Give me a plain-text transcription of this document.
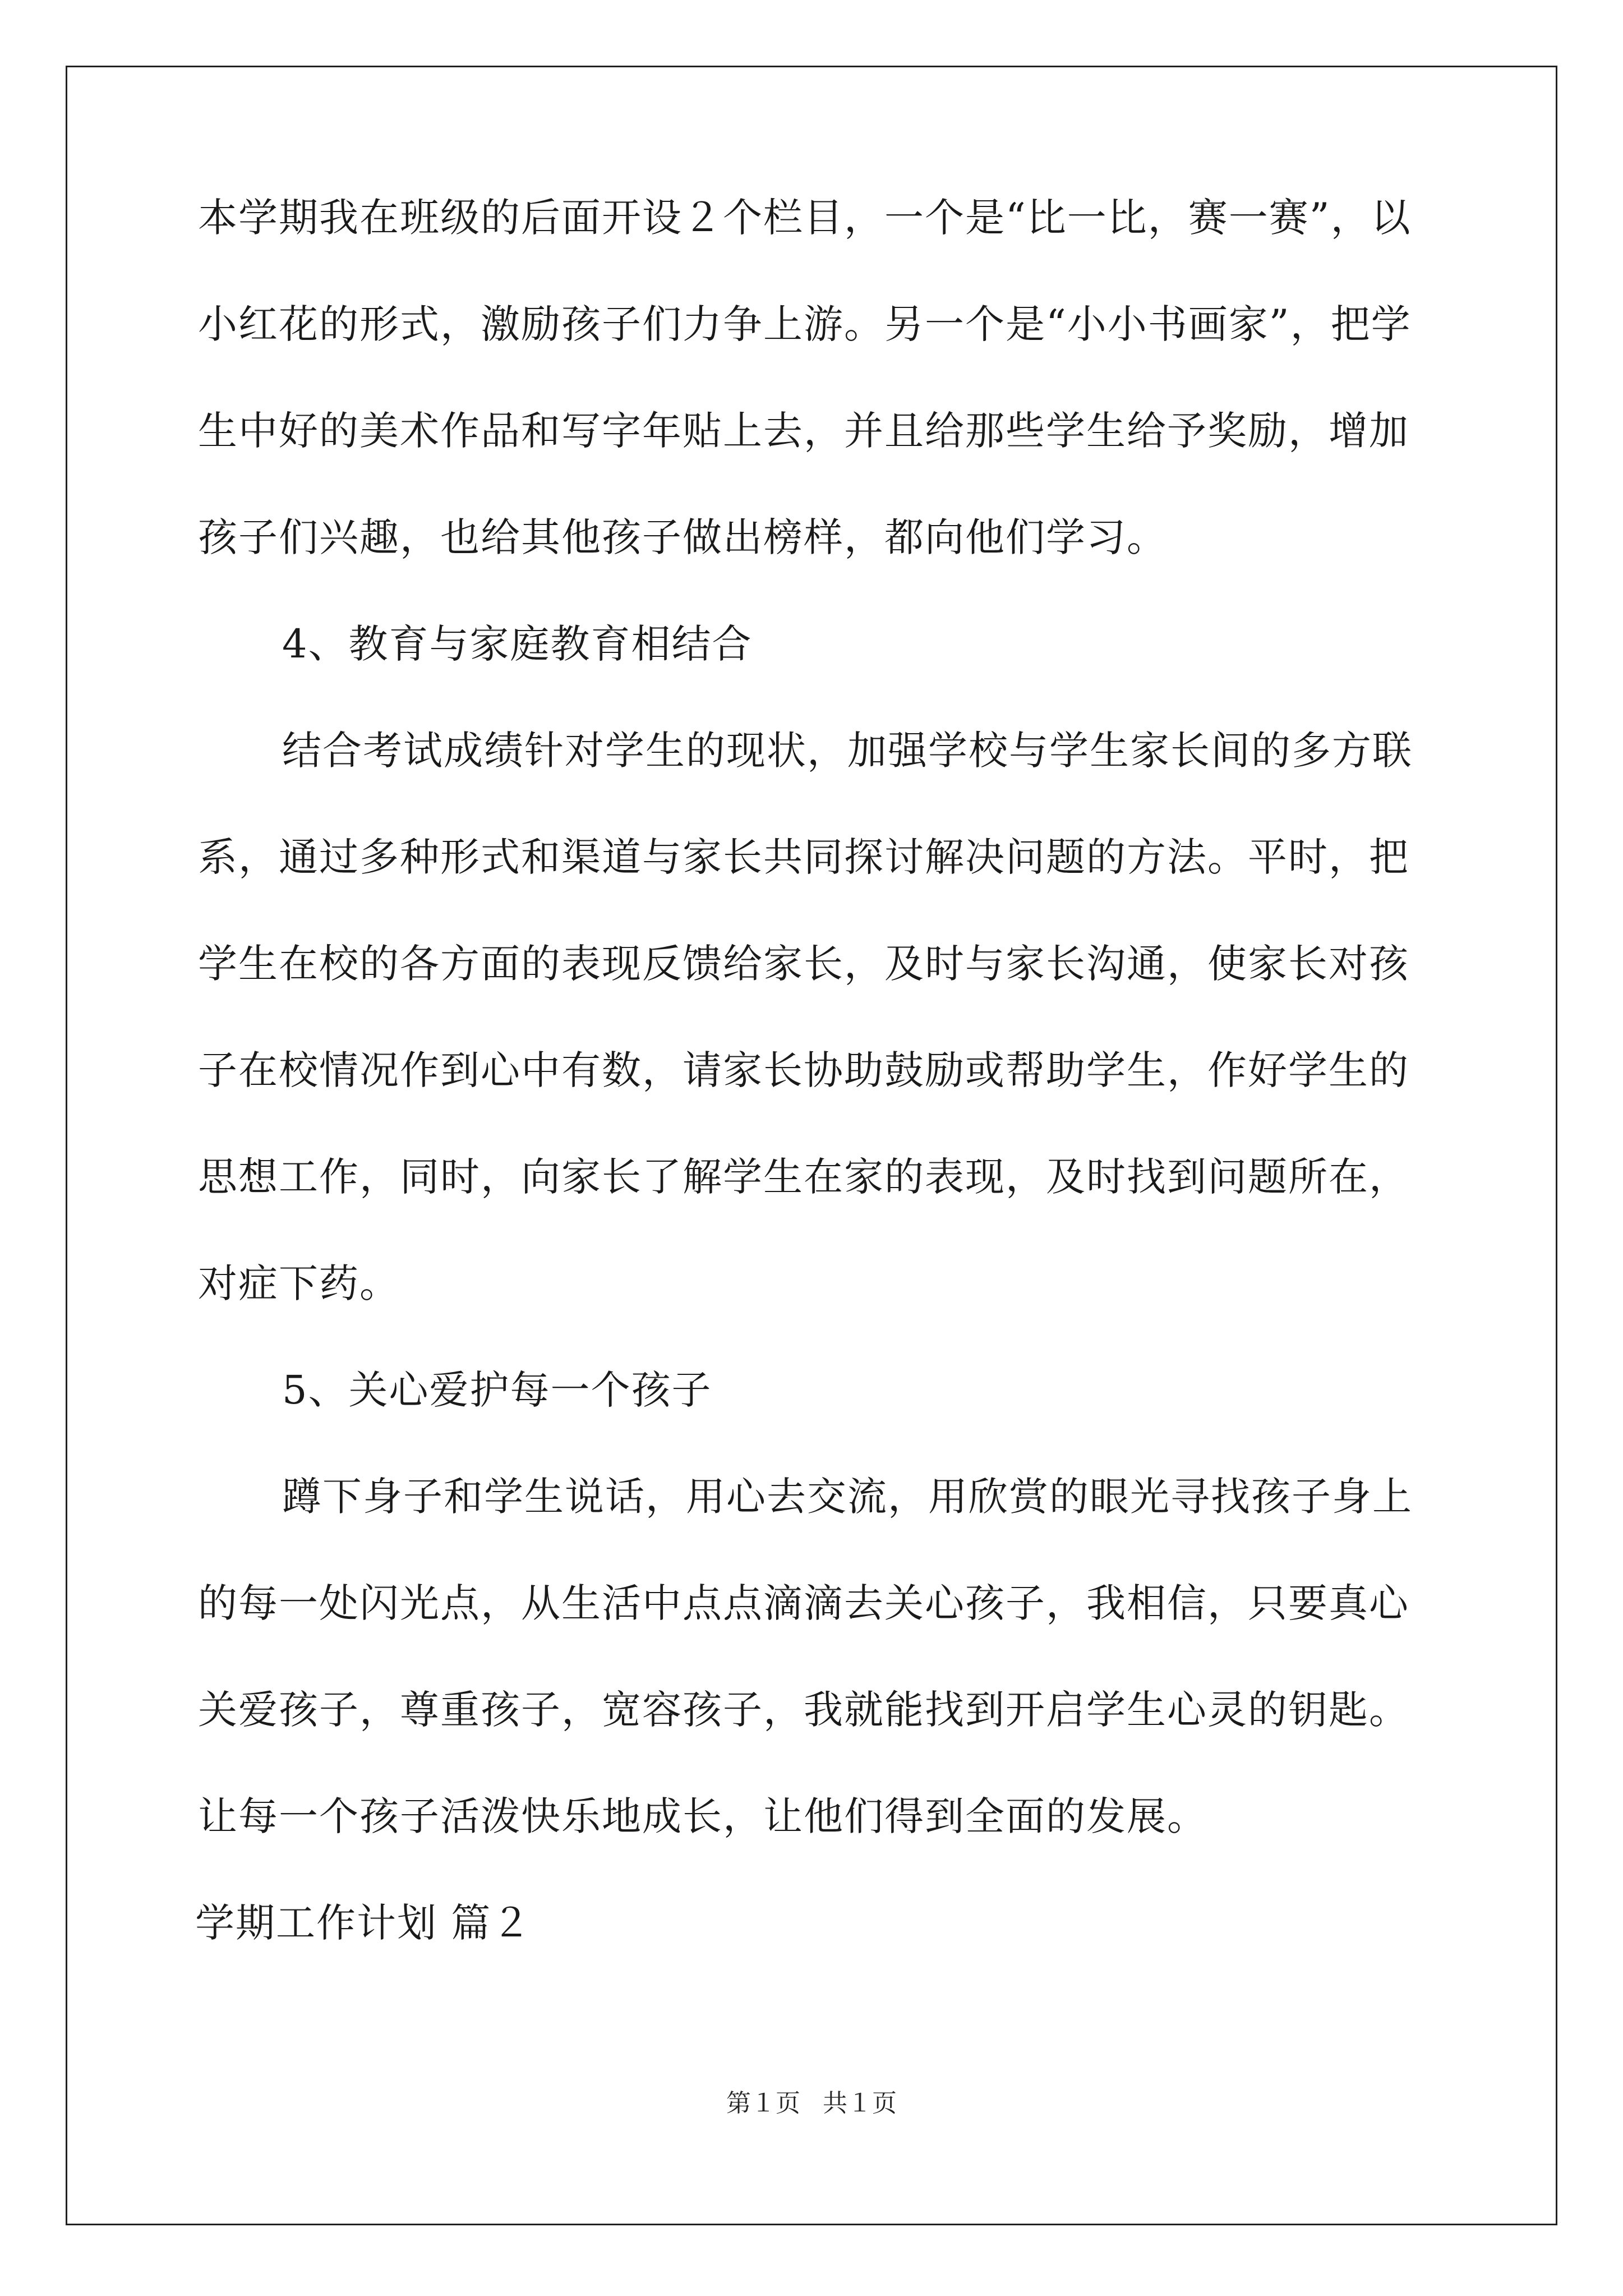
本学期我在班级的后面开设２个栏目，一个是“比一比，赛一赛”，以
小红花的形式，激励孩子们力争上游。另一个是“小小书画家”，把学
生中好的美术作品和写字年贴上去，并且给那些学生给予奖励，增加
孩子们兴趣，也给其他孩子做出榜样，都向他们学习。
4、教育与家庭教育相结合
结合考试成绩针对学生的现状，加强学校与学生家长间的多方联
系，通过多种形式和渠道与家长共同探讨解决问题的方法。平时，把
学生在校的各方面的表现反馈给家长，及时与家长沟通，使家长对孩
子在校情况作到心中有数，请家长协助鼓励或帮助学生，作好学生的
思想工作，同时，向家长了解学生在家的表现，及时找到问题所在，
对症下药。
5、关心爱护每一个孩子
蹲下身子和学生说话，用心去交流，用欣赏的眼光寻找孩子身上
的每一处闪光点，从生活中点点滴滴去关心孩子，我相信，只要真心
关爱孩子，尊重孩子，宽容孩子，我就能找到开启学生心灵的钥匙。
让每一个孩子活泼快乐地成长，让他们得到全面的发展。
学期工作计划 篇２
第１页 共１页
